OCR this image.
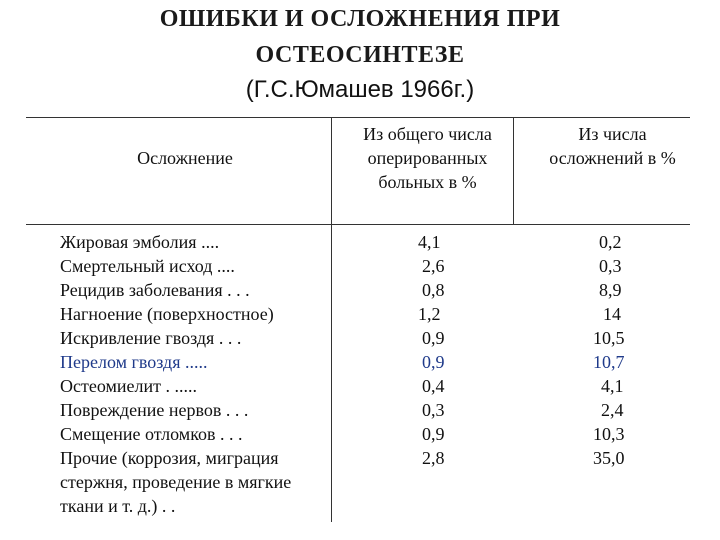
ОШИБКИ И ОСЛОЖНЕНИЯ ПРИ
ОСТЕОСИНТЕЗЕ
(Г.С.Юмашев 1966г.)
Осложнение
Из общего числа оперированных больных в %
Из числа осложнений в %
Жировая эмболия ....
Смертельный исход ....
Рецидив заболевания . . .
Нагноение (поверхностное)
Искривление гвоздя . . .
Перелом гвоздя .....
Остеомиелит . .....
Повреждение нервов . . .
Смещение отломков . . .
Прочие (коррозия, миграция стержня, проведение в мягкие ткани и т. д.) . .
4,1
2,6
0,8
1,2
0,9
0,9
0,4
0,3
0,9
2,8
0,2
0,3
8,9
14
10,5
10,7
4,1
2,4
10,3
35,0
